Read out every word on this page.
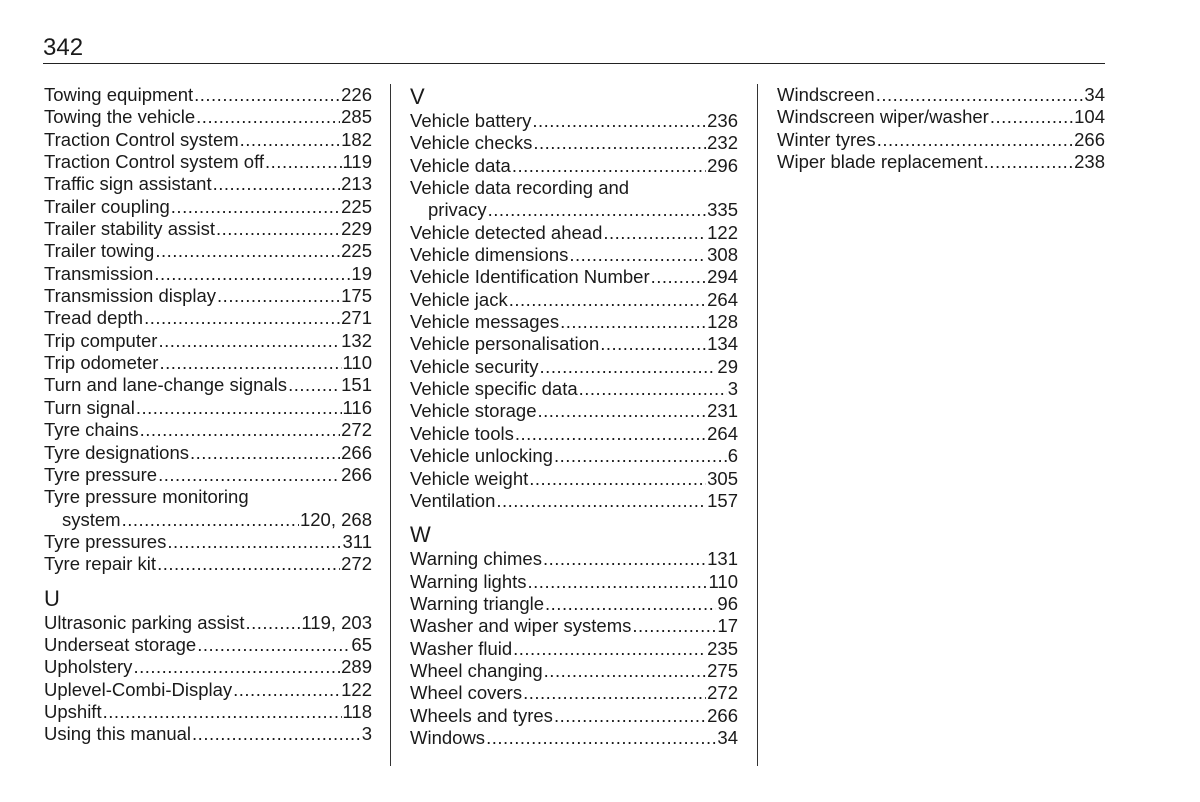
342
Towing equipment .....	226
Towing the vehicle .....	285
Traction Control system .....	182
Traction Control system off .....	119
Traffic sign assistant .....	213
Trailer coupling .....	225
Trailer stability assist .....	229
Trailer towing .....	225
Transmission .....	19
Transmission display .....	175
Tread depth .....	271
Trip computer .....	132
Trip odometer .....	110
Turn and lane-change signals .....	151
Turn signal .....	116
Tyre chains .....	272
Tyre designations .....	266
Tyre pressure .....	266
Tyre pressure monitoring
system .....	120, 268
Tyre pressures .....	311
Tyre repair kit .....	272
U
Ultrasonic parking assist .....	119, 203
Underseat storage .....	65
Upholstery .....	289
Uplevel-Combi-Display .....	122
Upshift .....	118
Using this manual .....	3
V
Vehicle battery .....	236
Vehicle checks .....	232
Vehicle data .....	296
Vehicle data recording and
privacy .....	335
Vehicle detected ahead .....	122
Vehicle dimensions .....	308
Vehicle Identification Number .....	294
Vehicle jack .....	264
Vehicle messages .....	128
Vehicle personalisation .....	134
Vehicle security .....	29
Vehicle specific data .....	3
Vehicle storage .....	231
Vehicle tools .....	264
Vehicle unlocking .....	6
Vehicle weight .....	305
Ventilation .....	157
W
Warning chimes .....	131
Warning lights .....	110
Warning triangle .....	96
Washer and wiper systems .....	17
Washer fluid .....	235
Wheel changing .....	275
Wheel covers .....	272
Wheels and tyres .....	266
Windows .....	34
Windscreen .....	34
Windscreen wiper/washer .....	104
Winter tyres .....	266
Wiper blade replacement .....	238
